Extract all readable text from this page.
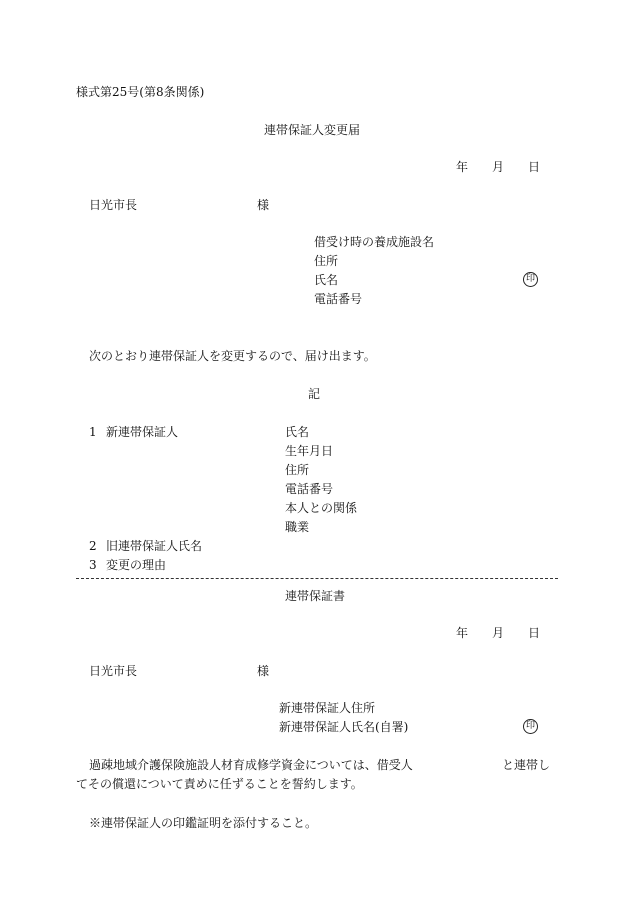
様式第25号(第8条関係)
連帯保証人変更届
年 月 日
日光市長	様
借受け時の養成施設名
住所
氏名	印
電話番号
次のとおり連帯保証人を変更するので、届け出ます。
記
1 新連帯保証人	氏名
生年月日
住所
電話番号
本人との関係
職業
2 旧連帯保証人氏名
3 変更の理由
連帯保証書
年 月 日
日光市長	様
新連帯保証人住所
新連帯保証人氏名(自署)	印
過疎地域介護保険施設人材育成修学資金については、借受人	と連帯し
てその償還について責めに任ずることを誓約します。
※連帯保証人の印鑑証明を添付すること。
